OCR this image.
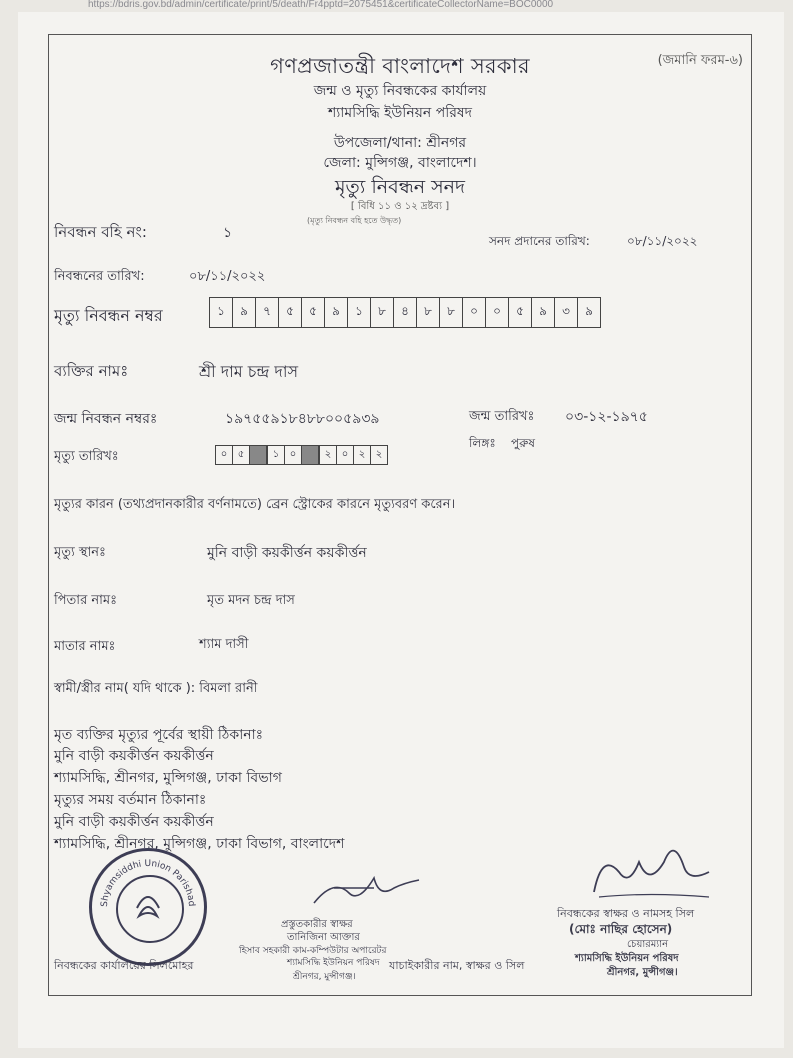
https://bdris.gov.bd/admin/certificate/print/5/death/Fr4pptd=2075451&certificateCollectorName=BOC0000
গণপ্রজাতন্ত্রী বাংলাদেশ সরকার	(জমানি ফরম-৬)
জন্ম ও মৃত্যু নিবন্ধকের কার্যালয়
শ্যামসিদ্ধি ইউনিয়ন পরিষদ
উপজেলা/থানা: শ্রীনগর
জেলা: মুন্সিগঞ্জ, বাংলাদেশ।
মৃত্যু নিবন্ধন সনদ
[ বিধি ১১ ও ১২ দ্রষ্টব্য ]
(মৃত্যু নিবন্ধন বহি হতে উদ্ধৃত)
নিবন্ধন বহি নং:	১	সনদ প্রদানের তারিখ:	০৮/১১/২০২২
নিবন্ধনের তারিখ:	০৮/১১/২০২২
মৃত্যু নিবন্ধন নম্বর	১	৯	৭	৫	৫	৯	১	৮	৪	৮	৮	০	০	৫	৯	৩	৯
ব্যক্তির নামঃ	শ্রী দাম চন্দ্র দাস
জন্ম নিবন্ধন নম্বরঃ	১৯৭৫৫৯১৮৪৮৮০০৫৯৩৯	জন্ম তারিখঃ ০৩-১২-১৯৭৫
মৃত্যু তারিখঃ	০	৫	১	০	২	০	২	২
লিঙ্গঃ পুরুষ
মৃত্যুর কারন (তথ্যপ্রদানকারীর বর্ণনামতে) ব্রেন স্ট্রোকের কারনে মৃত্যুবরণ করেন।
মৃত্যু স্থানঃ	মুনি বাড়ী কয়কীর্ত্তন কয়কীর্ত্তন
পিতার নামঃ	মৃত মদন চন্দ্র দাস
মাতার নামঃ	শ্যাম দাসী
স্বামী/স্ত্রীর নাম( যদি থাকে ): বিমলা রানী
মৃত ব্যক্তির মৃত্যুর পূর্বের স্থায়ী ঠিকানাঃ
মুনি বাড়ী কয়কীর্ত্তন কয়কীর্ত্তন
শ্যামসিদ্ধি, শ্রীনগর, মুন্সিগঞ্জ, ঢাকা বিভাগ
মৃত্যুর সময় বর্তমান ঠিকানাঃ
মুনি বাড়ী কয়কীর্ত্তন কয়কীর্ত্তন
শ্যামসিদ্ধি, শ্রীনগর, মুন্সিগঞ্জ, ঢাকা বিভাগ, বাংলাদেশ
Shyamsiddhi Union Parishad
প্রস্তুতকারীর স্বাক্ষর
তানিজিনা আক্তার
হিসাব সহকারী কাম-কম্পিউটার অপারেটর
শ্যামসিদ্ধি ইউনিয়ন পরিষদ
শ্রীনগর, মুন্সীগঞ্জ।
নিবন্ধকের কার্যালয়ের সিলমোহর	যাচাইকারীর নাম, স্বাক্ষর ও সিল
নিবন্ধকের স্বাক্ষর ও নামসহ সিল
(মোঃ নাছির হোসেন)
চেয়ারম্যান
শ্যামসিদ্ধি ইউনিয়ন পরিষদ
শ্রীনগর, মুন্সীগঞ্জ।
